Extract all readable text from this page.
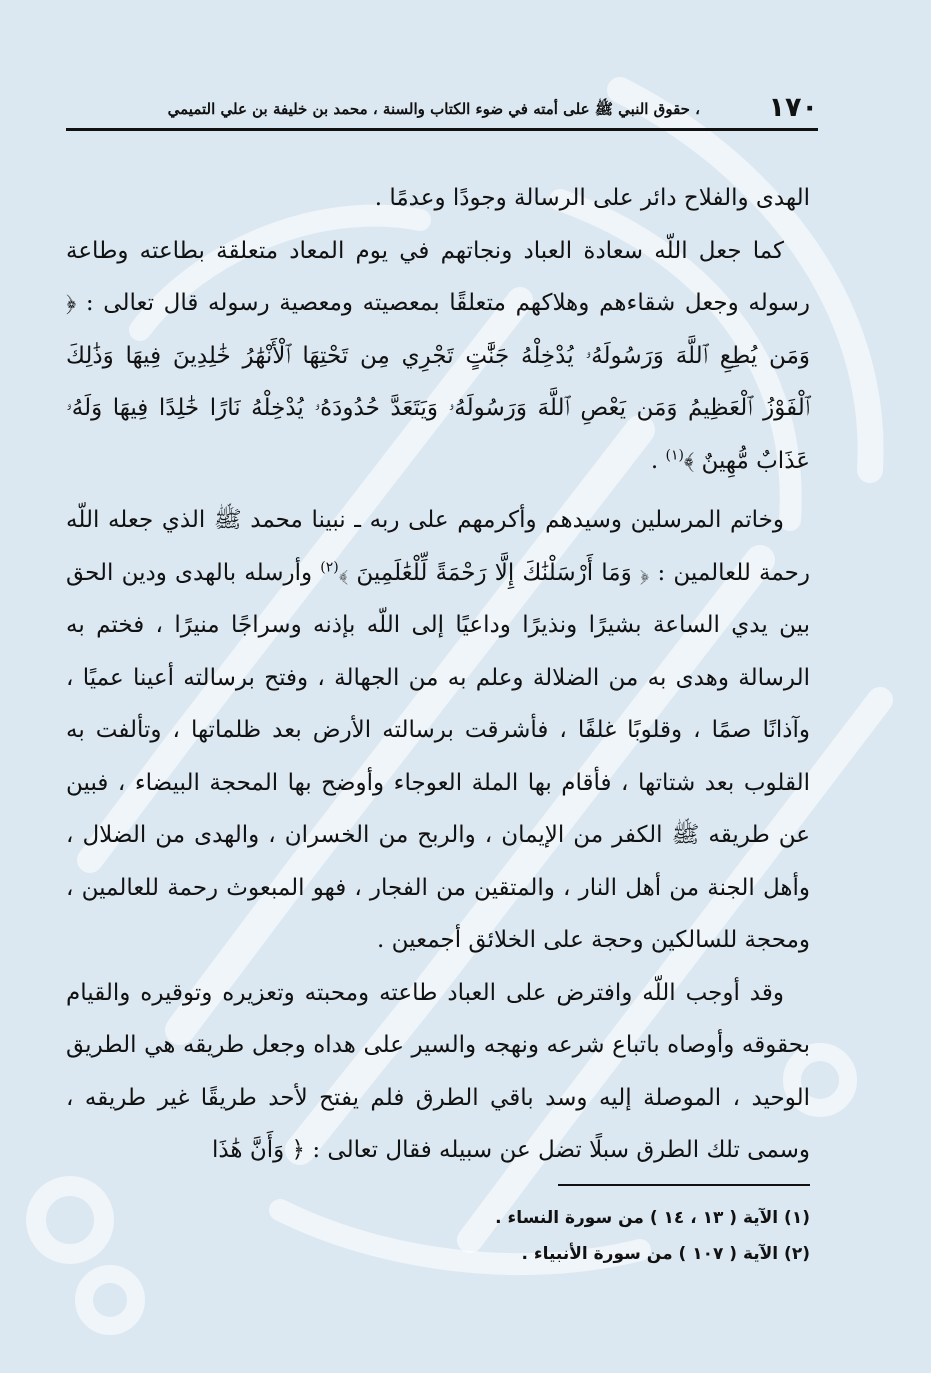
١٧٠
، حقوق النبي ﷺ على أمته في ضوء الكتاب والسنة ، محمد بن خليفة بن علي التميمي

الهدى والفلاح دائر على الرسالة وجودًا وعدمًا .

كما جعل اللّه سعادة العباد ونجاتهم في يوم المعاد متعلقة بطاعته وطاعة رسوله وجعل شقاءهم وهلاكهم متعلقًا بمعصيته ومعصية رسوله قال تعالى : ﴿ وَمَن يُطِعِ ٱللَّهَ وَرَسُولَهُۥ يُدْخِلْهُ جَنَّٰتٍ تَجْرِي مِن تَحْتِهَا ٱلْأَنْهَٰرُ خَٰلِدِينَ فِيهَا وَذَٰلِكَ ٱلْفَوْزُ ٱلْعَظِيمُ وَمَن يَعْصِ ٱللَّهَ وَرَسُولَهُۥ وَيَتَعَدَّ حُدُودَهُۥ يُدْخِلْهُ نَارًا خَٰلِدًا فِيهَا وَلَهُۥ عَذَابٌ مُّهِينٌ ﴾$^{(١)}$ .

وخاتم المرسلين وسيدهم وأكرمهم على ربه ـ نبينا محمد ﷺ الذي جعله اللّه رحمة للعالمين : ﴿ وَمَا أَرْسَلْنَٰكَ إِلَّا رَحْمَةً لِّلْعَٰلَمِينَ ﴾$^{(٢)}$ وأرسله بالهدى ودين الحق بين يدي الساعة بشيرًا ونذيرًا وداعيًا إلى اللّه بإذنه وسراجًا منيرًا ، فختم به الرسالة وهدى به من الضلالة وعلم به من الجهالة ، وفتح برسالته أعينا عميًا ، وآذانًا صمًا ، وقلوبًا غلفًا ، فأشرقت برسالته الأرض بعد ظلماتها ، وتألفت به القلوب بعد شتاتها ، فأقام بها الملة العوجاء وأوضح بها المحجة البيضاء ، فبين عن طريقه ﷺ الكفر من الإيمان ، والربح من الخسران ، والهدى من الضلال ، وأهل الجنة من أهل النار ، والمتقين من الفجار ، فهو المبعوث رحمة للعالمين ، ومحجة للسالكين وحجة على الخلائق أجمعين .

وقد أوجب اللّه وافترض على العباد طاعته ومحبته وتعزيره وتوقيره والقيام بحقوقه وأوصاه باتباع شرعه ونهجه والسير على هداه وجعل طريقه هي الطريق الوحيد ، الموصلة إليه وسد باقي الطرق فلم يفتح لأحد طريقًا غير طريقه ، وسمى تلك الطرق سبلًا تضل عن سبيله فقال تعالى : ﴿ وَأَنَّ هَٰذَا

(١) الآية ( ١٣ ، ١٤ ) من سورة النساء .
(٢) الآية ( ١٠٧ ) من سورة الأنبياء .
